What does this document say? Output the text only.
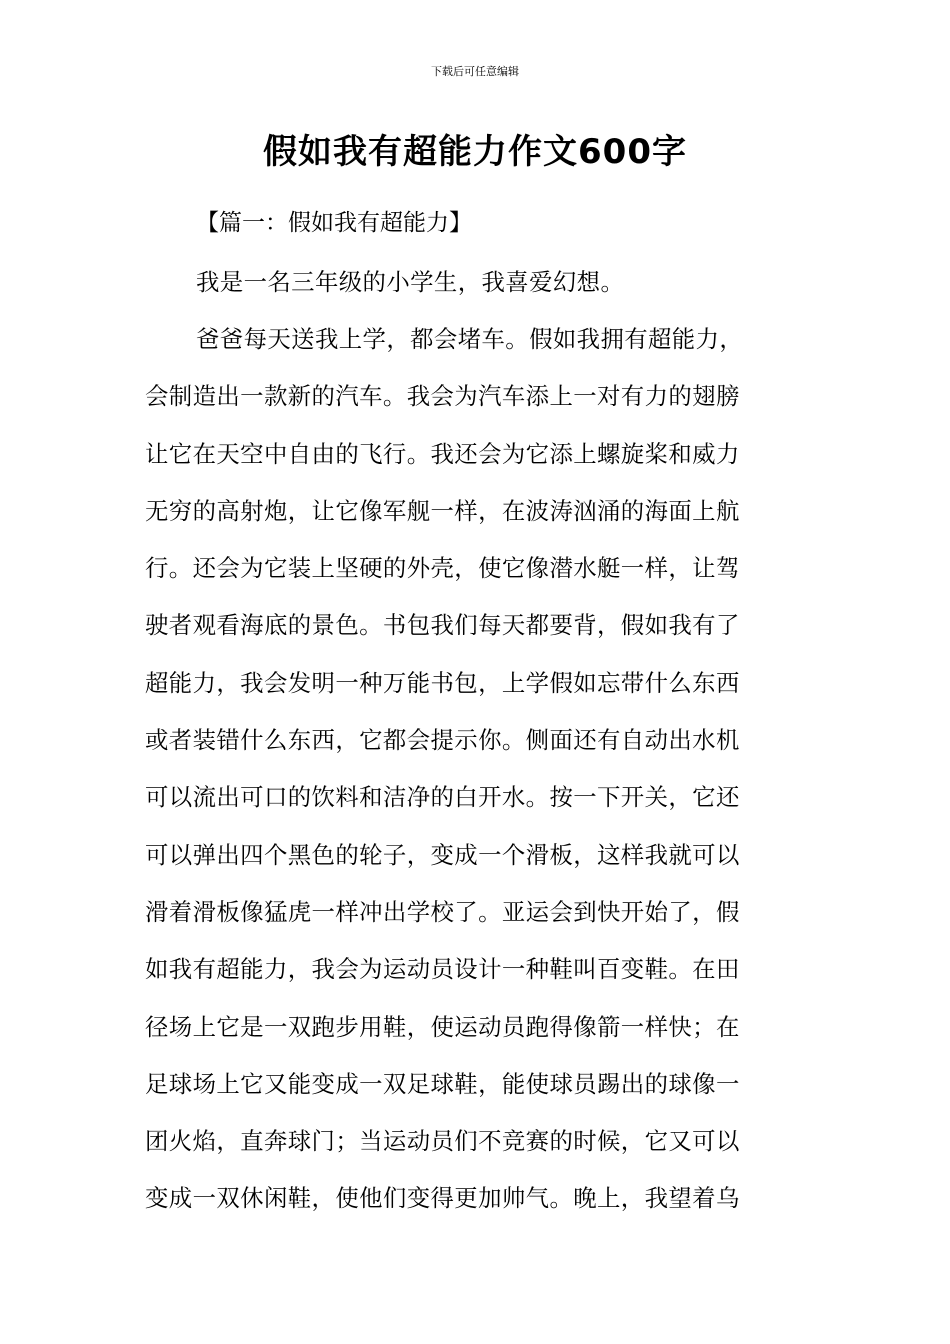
下载后可任意编辑
假如我有超能力作文600字

【篇一：假如我有超能力】

我是一名三年级的小学生，我喜爱幻想。

爸爸每天送我上学，都会堵车。假如我拥有超能力，
会制造出一款新的汽车。我会为汽车添上一对有力的翅膀
让它在天空中自由的飞行。我还会为它添上螺旋桨和威力
无穷的高射炮，让它像军舰一样，在波涛汹涌的海面上航
行。还会为它装上坚硬的外壳，使它像潜水艇一样，让驾
驶者观看海底的景色。书包我们每天都要背，假如我有了
超能力，我会发明一种万能书包，上学假如忘带什么东西
或者装错什么东西，它都会提示你。侧面还有自动出水机
可以流出可口的饮料和洁净的白开水。按一下开关，它还
可以弹出四个黑色的轮子，变成一个滑板，这样我就可以
滑着滑板像猛虎一样冲出学校了。亚运会到快开始了，假
如我有超能力，我会为运动员设计一种鞋叫百变鞋。在田
径场上它是一双跑步用鞋，使运动员跑得像箭一样快；在
足球场上它又能变成一双足球鞋，能使球员踢出的球像一
团火焰，直奔球门；当运动员们不竞赛的时候，它又可以
变成一双休闲鞋，使他们变得更加帅气。晚上，我望着乌
